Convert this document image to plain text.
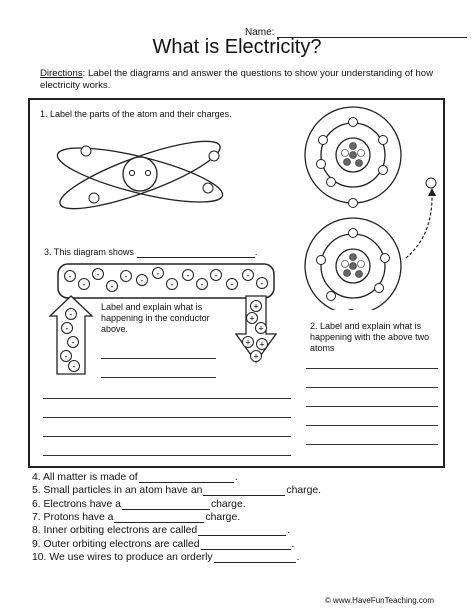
Name:
What is Electricity?
Directions: Label the diagrams and answer the questions to show your understanding of how electricity works.
1. Label the parts of the atom and their charges.
3. This diagram shows	.
-
-
-
-
- -
-
-
-
-
-
-
-
-
-
-
-
-
-
+
+
+
+ +
+
Label and explain what is happening in the conductor above.	2. Label and explain what is happening with the above two atoms
4. All matter is made of	.
5. Small particles in an atom have an	charge.
6. Electrons have a	charge.
7. Protons have a	charge.
8. Inner orbiting electrons are called	.
9. Outer orbiting electrons are called	.
10. We use wires to produce an orderly	.
© www.HaveFunTeaching.com
